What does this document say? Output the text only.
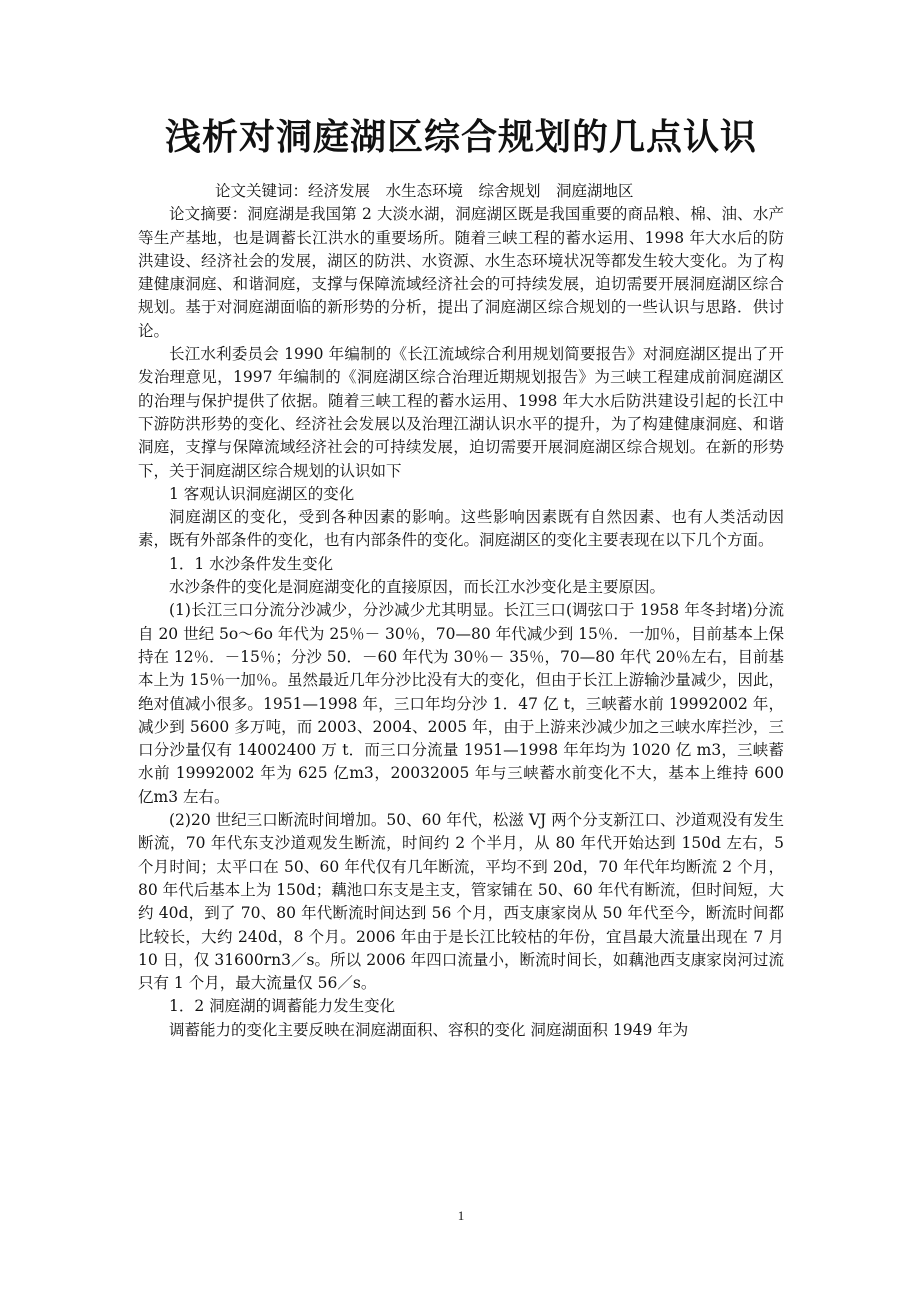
浅析对洞庭湖区综合规划的几点认识

论文关键词：经济发展　水生态环境　综舍规划　洞庭湖地区

论文摘要：洞庭湖是我国第 2 大淡水湖，洞庭湖区既是我国重要的商品粮、棉、油、水产等生产基地，也是调蓄长江洪水的重要场所。随着三峡工程的蓄水运用、1998 年大水后的防洪建设、经济社会的发展，湖区的防洪、水资源、水生态环境状况等都发生较大变化。为了构建健康洞庭、和谐洞庭，支撑与保障流域经济社会的可持续发展，迫切需要开展洞庭湖区综合规划。基于对洞庭湖面临的新形势的分析，提出了洞庭湖区综合规划的一些认识与思路．供讨论。

长江水利委员会 1990 年编制的《长江流域综合利用规划简要报告》对洞庭湖区提出了开发治理意见，1997 年编制的《洞庭湖区综合治理近期规划报告》为三峡工程建成前洞庭湖区的治理与保护提供了依据。随着三峡工程的蓄水运用、1998 年大水后防洪建设引起的长江中下游防洪形势的变化、经济社会发展以及治理江湖认识水平的提升，为了构建健康洞庭、和谐洞庭，支撑与保障流域经济社会的可持续发展，迫切需要开展洞庭湖区综合规划。在新的形势下，关于洞庭湖区综合规划的认识如下

1 客观认识洞庭湖区的变化

洞庭湖区的变化，受到各种因素的影响。这些影响因素既有自然因素、也有人类活动因素，既有外部条件的变化，也有内部条件的变化。洞庭湖区的变化主要表现在以下几个方面。

1．1 水沙条件发生变化

水沙条件的变化是洞庭湖变化的直接原因，而长江水沙变化是主要原因。

(1)长江三口分流分沙减少，分沙减少尤其明显。长江三口(调弦口于 1958 年冬封堵)分流自 20 世纪 5o～6o 年代为 25％－ 30％，70—80 年代减少到 15％．一加％，目前基本上保持在 12％．－15％；分沙 50．－60 年代为 30％－ 35％，70—80 年代 20％左右，目前基本上为 15％一加％。虽然最近几年分沙比没有大的变化，但由于长江上游输沙量减少，因此，绝对值减小很多。1951—1998 年，三口年均分沙 1．47 亿 t，三峡蓄水前 19992002 年，减少到 5600 多万吨，而 2003、2004、2005 年，由于上游来沙减少加之三峡水库拦沙，三口分沙量仅有 14002400 万 t．而三口分流量 1951—1998 年年均为 1020 亿 m3，三峡蓄水前 19992002 年为 625 亿m3，20032005 年与三峡蓄水前变化不大，基本上维持 600 亿m3 左右。

(2)20 世纪三口断流时间增加。50、60 年代，松滋 VJ 两个分支新江口、沙道观没有发生断流，70 年代东支沙道观发生断流，时间约 2 个半月，从 80 年代开始达到 150d 左右，5 个月时间；太平口在 50、60 年代仅有几年断流，平均不到 20d，70 年代年均断流 2 个月，80 年代后基本上为 150d；藕池口东支是主支，管家铺在 50、60 年代有断流，但时间短，大约 40d，到了 70、80 年代断流时间达到 56 个月，西支康家岗从 50 年代至今，断流时间都比较长，大约 240d，8 个月。2006 年由于是长江比较枯的年份，宜昌最大流量出现在 7 月 10 日，仅 31600rn3／s。所以 2006 年四口流量小，断流时间长，如藕池西支康家岗河过流只有 1 个月，最大流量仅 56／s。

1．2 洞庭湖的调蓄能力发生变化

调蓄能力的变化主要反映在洞庭湖面积、容积的变化 洞庭湖面积 1949 年为

1
